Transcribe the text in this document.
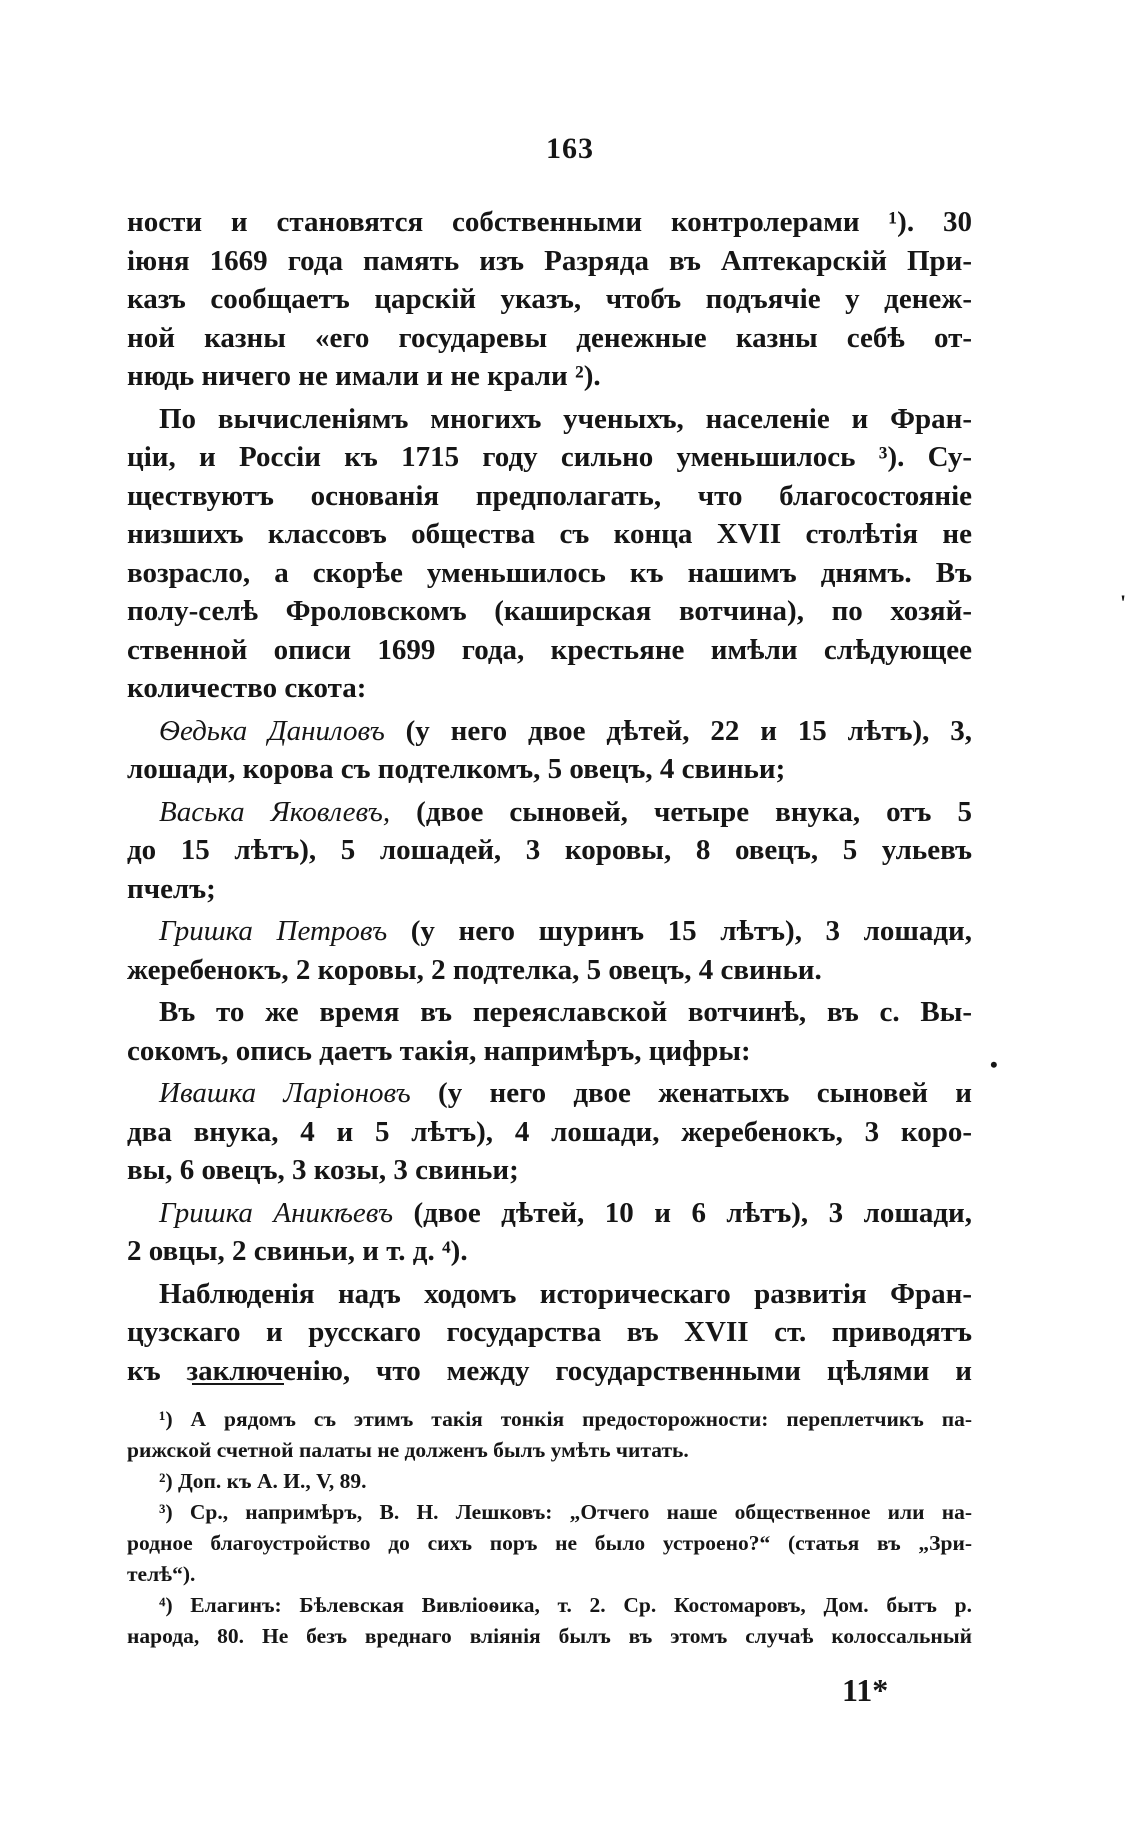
163
ности и становятся собственными контролерами ¹). 30
іюня 1669 года память изъ Разряда въ Аптекарскій При-
казъ сообщаетъ царскій указъ, чтобъ подъячіе у денеж-
ной казны «его государевы денежные казны себѣ от-
нюдь ничего не имали и не крали ²).
По вычисленіямъ многихъ ученыхъ, населеніе и Фран-
ціи, и Россіи къ 1715 году сильно уменьшилось ³). Су-
ществуютъ основанія предполагать, что благосостояніе
низшихъ классовъ общества съ конца XVII столѣтія не
возрасло, а скорѣе уменьшилось къ нашимъ днямъ. Въ
полу-селѣ Фроловскомъ (каширская вотчина), по хозяй-
ственной описи 1699 года, крестьяне имѣли слѣдующее
количество скота:
Ѳедька Даниловъ (у него двое дѣтей, 22 и 15 лѣтъ), 3,
лошади, корова съ подтелкомъ, 5 овецъ, 4 свиньи;
Васька Яковлевъ, (двое сыновей, четыре внука, отъ 5
до 15 лѣтъ), 5 лошадей, 3 коровы, 8 овецъ, 5 ульевъ
пчелъ;
Гришка Петровъ (у него шуринъ 15 лѣтъ), 3 лошади,
жеребенокъ, 2 коровы, 2 подтелка, 5 овецъ, 4 свиньи.
Въ то же время въ переяславской вотчинѣ, въ с. Вы-
сокомъ, опись даетъ такія, напримѣръ, цифры:
Ивашка Ларіоновъ (у него двое женатыхъ сыновей и
два внука, 4 и 5 лѣтъ), 4 лошади, жеребенокъ, 3 коро-
вы, 6 овецъ, 3 козы, 3 свиньи;
Гришка Аникѣевъ (двое дѣтей, 10 и 6 лѣтъ), 3 лошади,
2 овцы, 2 свиньи, и т. д. ⁴).
Наблюденія надъ ходомъ историческаго развитія Фран-
цузскаго и русскаго государства въ XVII ст. приводятъ
къ заключенію, что между государственными цѣлями и
¹) А рядомъ съ этимъ такія тонкія предосторожности: переплетчикъ па-
рижской счетной палаты не долженъ былъ умѣть читать.
²) Доп. къ А. И., V, 89.
³) Ср., напримѣръ, В. Н. Лешковъ: „Отчего наше общественное или на-
родное благоустройство до сихъ поръ не было устроено?“ (статья въ „Зри-
телѣ“).
⁴) Елагинъ: Бѣлевская Вивліоѳика, т. 2. Ср. Костомаровъ, Дом. бытъ р.
народа, 80. Не безъ вреднаго вліянія былъ въ этомъ случаѣ колоссальный
11*
'
•
